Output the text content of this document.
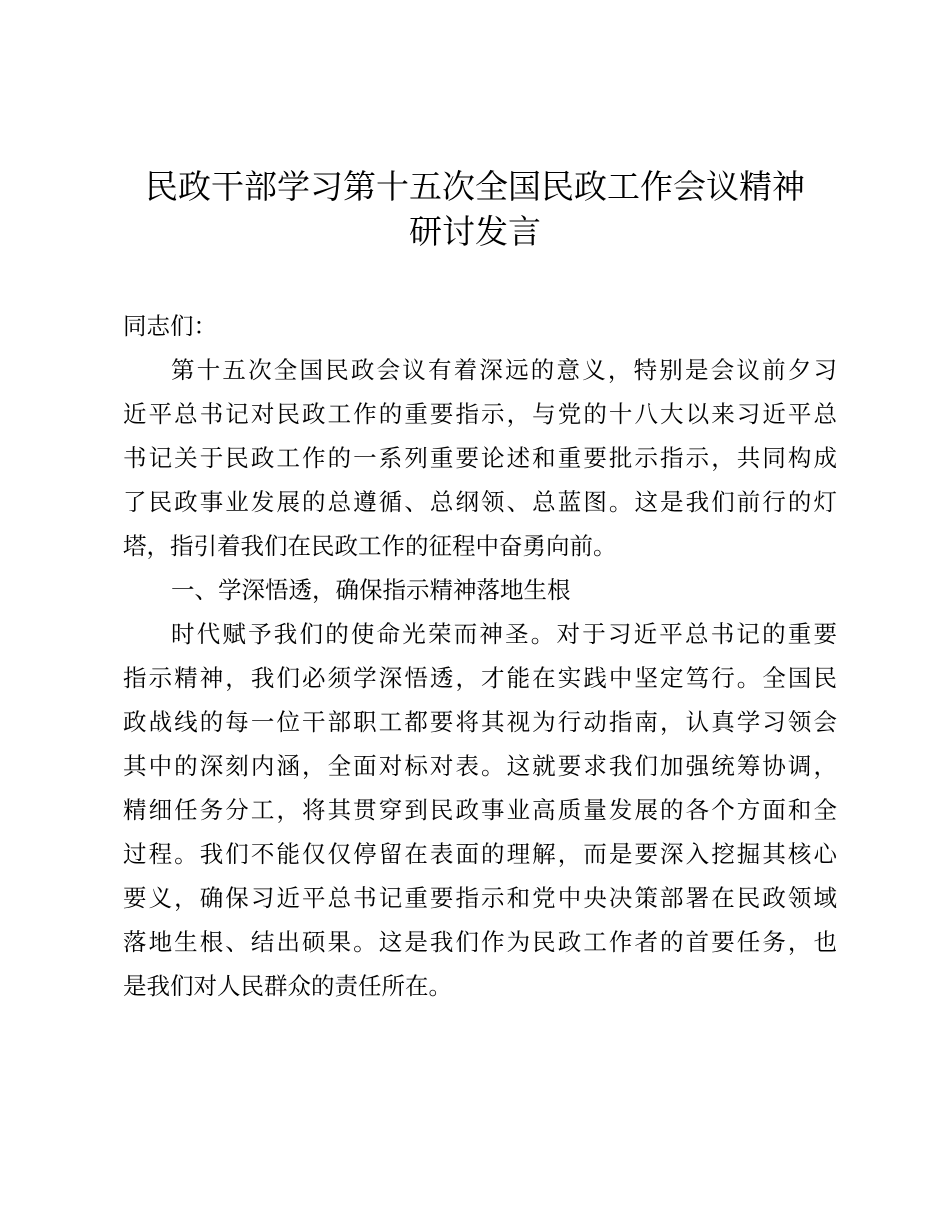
民政干部学习第十五次全国民政工作会议精神
研讨发言
同志们：
第十五次全国民政会议有着深远的意义，特别是会议前夕习
近平总书记对民政工作的重要指示，与党的十八大以来习近平总
书记关于民政工作的一系列重要论述和重要批示指示，共同构成
了民政事业发展的总遵循、总纲领、总蓝图。这是我们前行的灯
塔，指引着我们在民政工作的征程中奋勇向前。
一、学深悟透，确保指示精神落地生根
时代赋予我们的使命光荣而神圣。对于习近平总书记的重要
指示精神，我们必须学深悟透，才能在实践中坚定笃行。全国民
政战线的每一位干部职工都要将其视为行动指南，认真学习领会
其中的深刻内涵，全面对标对表。这就要求我们加强统筹协调，
精细任务分工，将其贯穿到民政事业高质量发展的各个方面和全
过程。我们不能仅仅停留在表面的理解，而是要深入挖掘其核心
要义，确保习近平总书记重要指示和党中央决策部署在民政领域
落地生根、结出硕果。这是我们作为民政工作者的首要任务，也
是我们对人民群众的责任所在。
